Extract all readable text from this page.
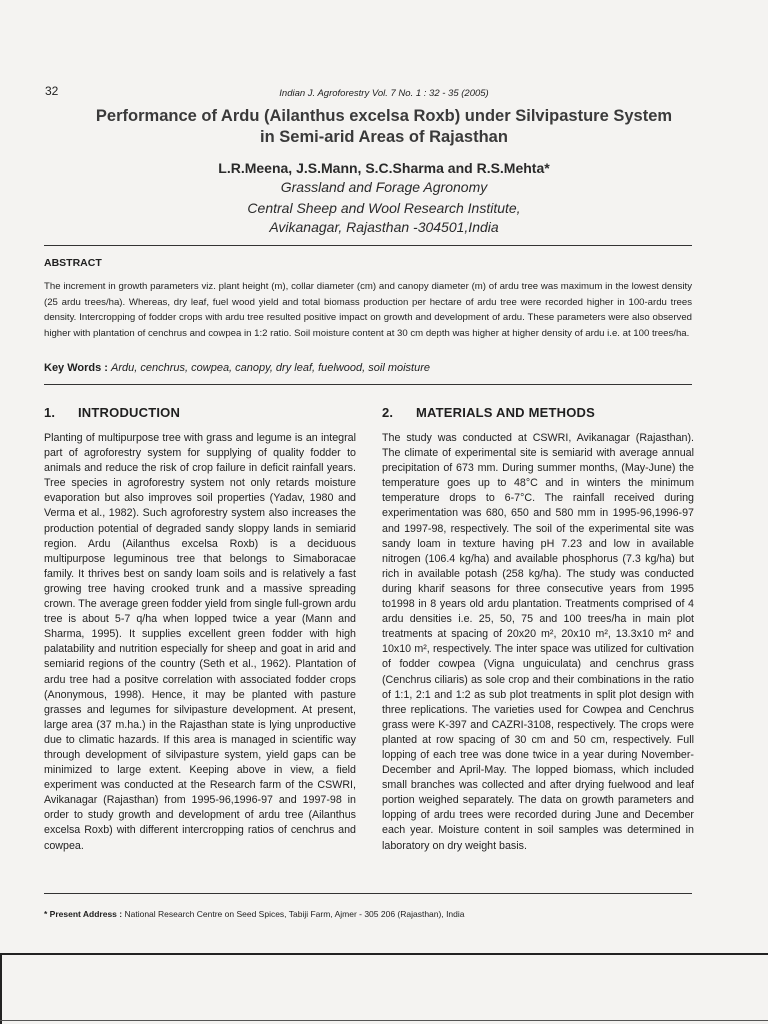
32	Indian J. Agroforestry Vol. 7 No. 1 : 32 - 35 (2005)
Performance of Ardu (Ailanthus excelsa Roxb) under Silvipasture System
in Semi-arid Areas of Rajasthan
L.R.Meena, J.S.Mann, S.C.Sharma and R.S.Mehta*
Grassland and Forage Agronomy
Central Sheep and Wool Research Institute,
Avikanagar, Rajasthan -304501,India
ABSTRACT
The increment in growth parameters viz. plant height (m), collar diameter (cm) and canopy diameter (m) of ardu tree was maximum in the lowest density (25 ardu trees/ha). Whereas, dry leaf, fuel wood yield and total biomass production per hectare of ardu tree were recorded higher in 100-ardu trees density. Intercropping of fodder crops with ardu tree resulted positive impact on growth and development of ardu. These parameters were also observed higher with plantation of cenchrus and cowpea in 1:2 ratio. Soil moisture content at 30 cm depth was higher at higher density of ardu i.e. at 100 trees/ha.
Key Words : Ardu, cenchrus, cowpea, canopy, dry leaf, fuelwood, soil moisture
1. INTRODUCTION	2. MATERIALS AND METHODS
Planting of multipurpose tree with grass and legume is an integral part of agroforestry system for supplying of quality fodder to animals and reduce the risk of crop failure in deficit rainfall years. Tree species in agroforestry system not only retards moisture evaporation but also improves soil properties (Yadav, 1980 and Verma et al., 1982). Such agroforestry system also increases the production potential of degraded sandy sloppy lands in semiarid region. Ardu (Ailanthus excelsa Roxb) is a deciduous multipurpose leguminous tree that belongs to Simaboracae family. It thrives best on sandy loam soils and is relatively a fast growing tree having crooked trunk and a massive spreading crown. The average green fodder yield from single full-grown ardu tree is about 5-7 q/ha when lopped twice a year (Mann and Sharma, 1995). It supplies excellent green fodder with high palatability and nutrition especially for sheep and goat in arid and semiarid regions of the country (Seth et al., 1962). Plantation of ardu tree had a positve correlation with associated fodder crops (Anonymous, 1998). Hence, it may be planted with pasture grasses and legumes for silvipasture development. At present, large area (37 m.ha.) in the Rajasthan state is lying unproductive due to climatic hazards. If this area is managed in scientific way through development of silvipasture system, yield gaps can be minimized to large extent. Keeping above in view, a field experiment was conducted at the Research farm of the CSWRI, Avikanagar (Rajasthan) from 1995-96,1996-97 and 1997-98 in order to study growth and development of ardu tree (Ailanthus excelsa Roxb) with different intercropping ratios of cenchrus and cowpea.
The study was conducted at CSWRI, Avikanagar (Rajasthan). The climate of experimental site is semiarid with average annual precipitation of 673 mm. During summer months, (May-June) the temperature goes up to 48°C and in winters the minimum temperature drops to 6-7°C. The rainfall received during experimentation was 680, 650 and 580 mm in 1995-96,1996-97 and 1997-98, respectively. The soil of the experimental site was sandy loam in texture having pH 7.23 and low in available nitrogen (106.4 kg/ha) and available phosphorus (7.3 kg/ha) but rich in available potash (258 kg/ha). The study was conducted during kharif seasons for three consecutive years from 1995 to1998 in 8 years old ardu plantation. Treatments comprised of 4 ardu densities i.e. 25, 50, 75 and 100 trees/ha in main plot treatments at spacing of 20x20 m², 20x10 m², 13.3x10 m² and 10x10 m², respectively. The inter space was utilized for cultivation of fodder cowpea (Vigna unguiculata) and cenchrus grass (Cenchrus ciliaris) as sole crop and their combinations in the ratio of 1:1, 2:1 and 1:2 as sub plot treatments in split plot design with three replications. The varieties used for Cowpea and Cenchrus grass were K-397 and CAZRI-3108, respectively. The crops were planted at row spacing of 30 cm and 50 cm, respectively. Full lopping of each tree was done twice in a year during November- December and April-May. The lopped biomass, which included small branches was collected and after drying fuelwood and leaf portion weighed separately. The data on growth parameters and lopping of ardu trees were recorded during June and December each year. Moisture content in soil samples was determined in laboratory on dry weight basis.
* Present Address : National Research Centre on Seed Spices, Tabiji Farm, Ajmer - 305 206 (Rajasthan), India
